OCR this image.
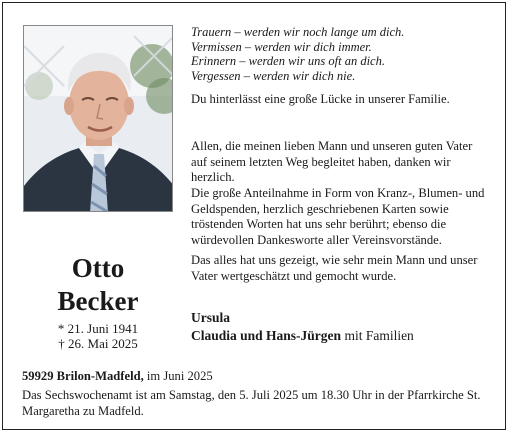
Otto
Becker
* 21. Juni 1941
† 26. Mai 2025
Trauern – werden wir noch lange um dich.
Vermissen – werden wir dich immer.
Erinnern – werden wir uns oft an dich.
Vergessen – werden wir dich nie.
Du hinterlässt eine große Lücke in unserer Familie.
Allen, die meinen lieben Mann und unseren guten Vater auf seinem letzten Weg begleitet haben, danken wir herzlich.
Die große Anteilnahme in Form von Kranz-, Blumen- und Geldspenden, herzlich geschriebenen Karten sowie tröstenden Worten hat uns sehr berührt; ebenso die würdevollen Dankesworte aller Vereinsvorstände.
Das alles hat uns gezeigt, wie sehr mein Mann und unser Vater wertgeschätzt und gemocht wurde.
Ursula
Claudia und Hans-Jürgen mit Familien
59929 Brilon-Madfeld, im Juni 2025
Das Sechswochenamt ist am Samstag, den 5. Juli 2025 um 18.30 Uhr in der Pfarrkirche St. Margaretha zu Madfeld.
